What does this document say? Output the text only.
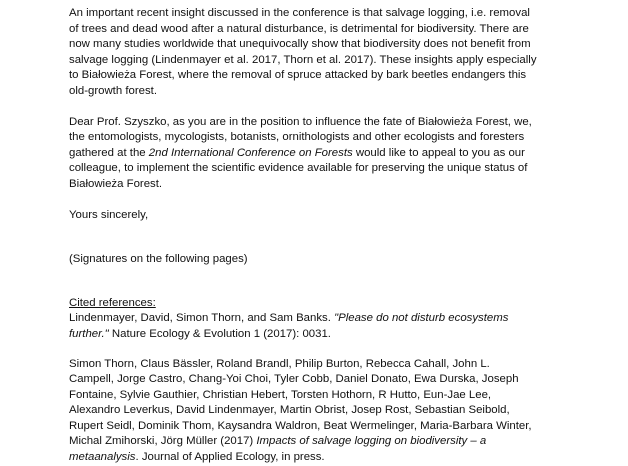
An important recent insight discussed in the conference is that salvage logging, i.e. removal
of trees and dead wood after a natural disturbance, is detrimental for biodiversity. There are
now many studies worldwide that unequivocally show that biodiversity does not benefit from
salvage logging (Lindenmayer et al. 2017, Thorn et al. 2017). These insights apply especially
to Białowieża Forest, where the removal of spruce attacked by bark beetles endangers this
old-growth forest.

Dear Prof. Szyszko, as you are in the position to influence the fate of Białowieża Forest, we,
the entomologists, mycologists, botanists, ornithologists and other ecologists and foresters
gathered at the 2nd International Conference on Forests would like to appeal to you as our
colleague, to implement the scientific evidence available for preserving the unique status of
Białowieża Forest.

Yours sincerely,

(Signatures on the following pages)

Cited references:
Lindenmayer, David, Simon Thorn, and Sam Banks. "Please do not disturb ecosystems
further." Nature Ecology & Evolution 1 (2017): 0031.

Simon Thorn, Claus Bässler, Roland Brandl, Philip Burton, Rebecca Cahall, John L.
Campell, Jorge Castro, Chang-Yoi Choi, Tyler Cobb, Daniel Donato, Ewa Durska, Joseph
Fontaine, Sylvie Gauthier, Christian Hebert, Torsten Hothorn, R Hutto, Eun-Jae Lee,
Alexandro Leverkus, David Lindenmayer, Martin Obrist, Josep Rost, Sebastian Seibold,
Rupert Seidl, Dominik Thom, Kaysandra Waldron, Beat Wermelinger, Maria-Barbara Winter,
Michal Zmihorski, Jörg Müller (2017) Impacts of salvage logging on biodiversity – a
metaanalysis. Journal of Applied Ecology, in press.
